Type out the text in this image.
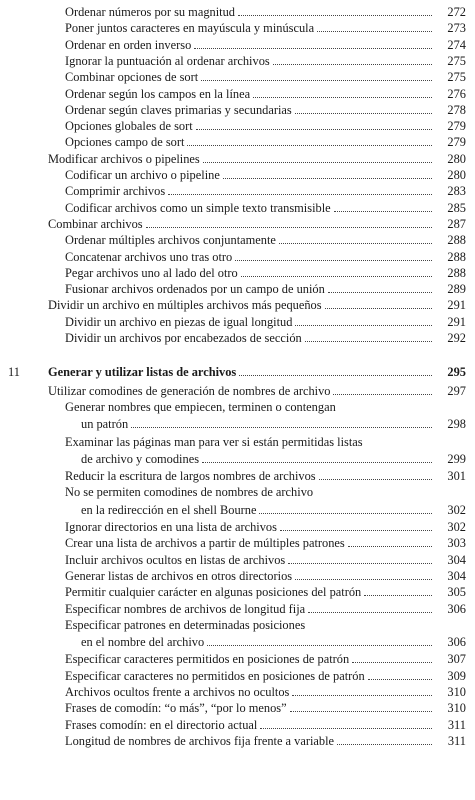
Ordenar números por su magnitud	272
Poner juntos caracteres en mayúscula y minúscula	273
Ordenar en orden inverso	274
Ignorar la puntuación al ordenar archivos	275
Combinar opciones de sort	275
Ordenar según los campos en la línea	276
Ordenar según claves primarias y secundarias	278
Opciones globales de sort	279
Opciones campo de sort	279
Modificar archivos o pipelines	280
Codificar un archivo o pipeline	280
Comprimir archivos	283
Codificar archivos como un simple texto transmisible	285
Combinar archivos	287
Ordenar múltiples archivos conjuntamente	288
Concatenar archivos uno tras otro	288
Pegar archivos uno al lado del otro	288
Fusionar archivos ordenados por un campo de unión	289
Dividir un archivo en múltiples archivos más pequeños	291
Dividir un archivo en piezas de igual longitud	291
Dividir un archivos por encabezados de sección	292
11 Generar y utilizar listas de archivos	295
Utilizar comodines de generación de nombres de archivo	297
Generar nombres que empiecen, terminen o contengan
un patrón	298
Examinar las páginas man para ver si están permitidas listas
de archivo y comodines	299
Reducir la escritura de largos nombres de archivos	301
No se permiten comodines de nombres de archivo
en la redirección en el shell Bourne	302
Ignorar directorios en una lista de archivos	302
Crear una lista de archivos a partir de múltiples patrones	303
Incluir archivos ocultos en listas de archivos	304
Generar listas de archivos en otros directorios	304
Permitir cualquier carácter en algunas posiciones del patrón	305
Especificar nombres de archivos de longitud fija	306
Especificar patrones en determinadas posiciones
en el nombre del archivo	306
Especificar caracteres permitidos en posiciones de patrón	307
Especificar caracteres no permitidos en posiciones de patrón	309
Archivos ocultos frente a archivos no ocultos	310
Frases de comodín: “o más”, “por lo menos”	310
Frases comodín: en el directorio actual	311
Longitud de nombres de archivos fija frente a variable	311
